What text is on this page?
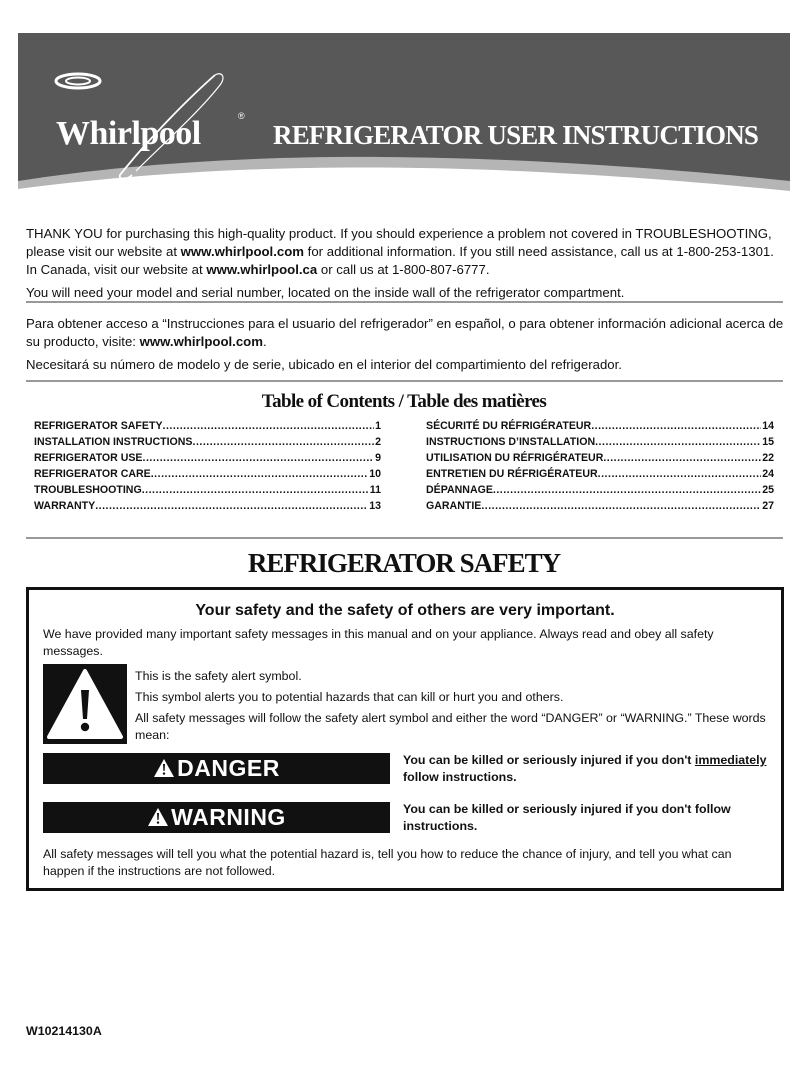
Whirlpool	®
REFRIGERATOR USER INSTRUCTIONS

THANK YOU for purchasing this high-quality product. If you should experience a problem not covered in TROUBLESHOOTING, please visit our website at www.whirlpool.com for additional information. If you still need assistance, call us at 1-800-253-1301. In Canada, visit our website at www.whirlpool.ca or call us at 1-800-807-6777.

You will need your model and serial number, located on the inside wall of the refrigerator compartment.

Para obtener acceso a “Instrucciones para el usuario del refrigerador” en español, o para obtener información adicional acerca de su producto, visite: www.whirlpool.com.

Necesitará su número de modelo y de serie, ubicado en el interior del compartimiento del refrigerador.

Table of Contents / Table des matières
REFRIGERATOR SAFETY .....	1
INSTALLATION INSTRUCTIONS .....	2
REFRIGERATOR USE .....	9
REFRIGERATOR CARE .....	10
TROUBLESHOOTING .....	11
WARRANTY .....	13
SÉCURITÉ DU RÉFRIGÉRATEUR .....	14
INSTRUCTIONS D’INSTALLATION .....	15
UTILISATION DU RÉFRIGÉRATEUR .....	22
ENTRETIEN DU RÉFRIGÉRATEUR .....	24
DÉPANNAGE .....	25
GARANTIE .....	27
REFRIGERATOR SAFETY
Your safety and the safety of others are very important.
We have provided many important safety messages in this manual and on your appliance. Always read and obey all safety messages.

This is the safety alert symbol.

This symbol alerts you to potential hazards that can kill or hurt you and others.

All safety messages will follow the safety alert symbol and either the word “DANGER” or “WARNING.” These words mean:

DANGER	You can be killed or seriously injured if you don't immediately follow instructions.
WARNING	You can be killed or seriously injured if you don't follow instructions.
All safety messages will tell you what the potential hazard is, tell you how to reduce the chance of injury, and tell you what can happen if the instructions are not followed.
W10214130A
